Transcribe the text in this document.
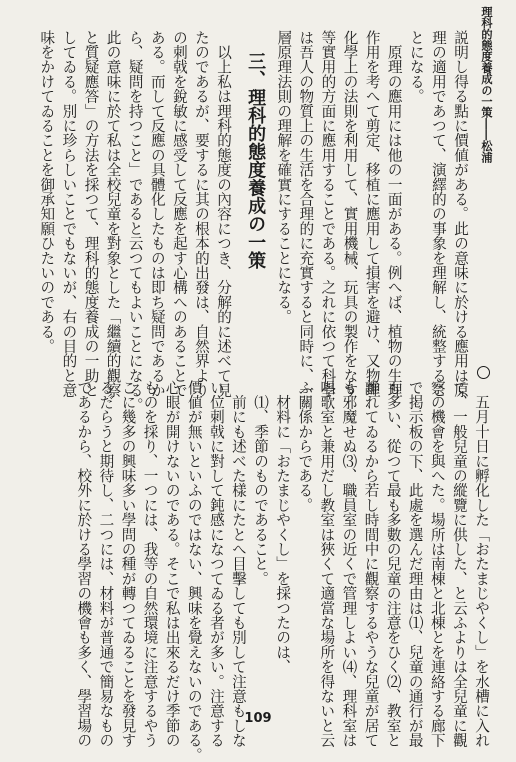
理科的態度養成の一策――松浦
説明し得る點に價値がある。此の意味に於ける應用は原
理の適用であつて、演繹的の事象を理解し、統整するこ
とになる。
　原理の應用には他の一面がある。例へば、植物の生理
作用を考へて剪定、移植に應用して損害を避け、又物理
化學上の法則を利用して、實用機械、玩具の製作をなす
等實用的方面に應用することである。之れに依つて科學
は吾人の物質上の生活を合理的に充實すると同時に、一
層原理法則の理解を確實にすることになる。
三、理科的態度養成の一策
　以上私は理科的態度の內容につき、分解的に述べて見
たのであるが、要するに其の根本的出發は、自然界より
の刺戟を銳敏に感受して反應を起す心構へのあることで
ある。而して反應の具體化したものは即ち疑問であるか
ら、疑問を持つこと」であると云つてもよいことになる。
此の意味に於て私は全校兒童を對象とした「繼續的觀察
と質疑應答」の方法を採つて、理科的態度養成の一助と
してゐる。別に珍らしいことでもないが、右の目的と意
味をかけてゐることを御承知願ひたいのである。
　五月十日に孵化した「おたまじやくし」を水槽に入れ
て、一般兒童の縱覽に供した、と云ふよりは全兒童に觀
察の機會を與へた。場所は南棟と北棟とを連絡する廊下
で掲示板の下、此處を選んだ理由は⑴、兒童の通行が最
も多い、從つて最も多數の兒童の注意をひく⑵、教室と
離れてゐるから若し時間中に觀察するやうな兒童が居て
も邪魔せぬ⑶、職員室の近くで管理しよい⑷、理科室は
唱歌室と兼用だし教室は狹くて適當な場所を得ないと云
ふ關係からである。
　材料に「おたまじやくし」を採つたのは、
　⑴、季節のものであること。
　前にも述べた樣にたとへ目擊しても別して注意もしな
い位刺戟に對して鈍感になつてゐる者が多い。注意する
價値が無いといふのではない、興味を覺えないのである。
心眼が開けないのである。そこで私は出來るだけ季節の
ものを採り、一つには、我等の自然環境に注意するやう
こに幾多の興味多い學問の種が轉つてゐることを發見す
るだらうと期待し、二つには、材料が普通で簡易なもの
であるから、校外に於ける學習の機會も多く、學習場の	109
